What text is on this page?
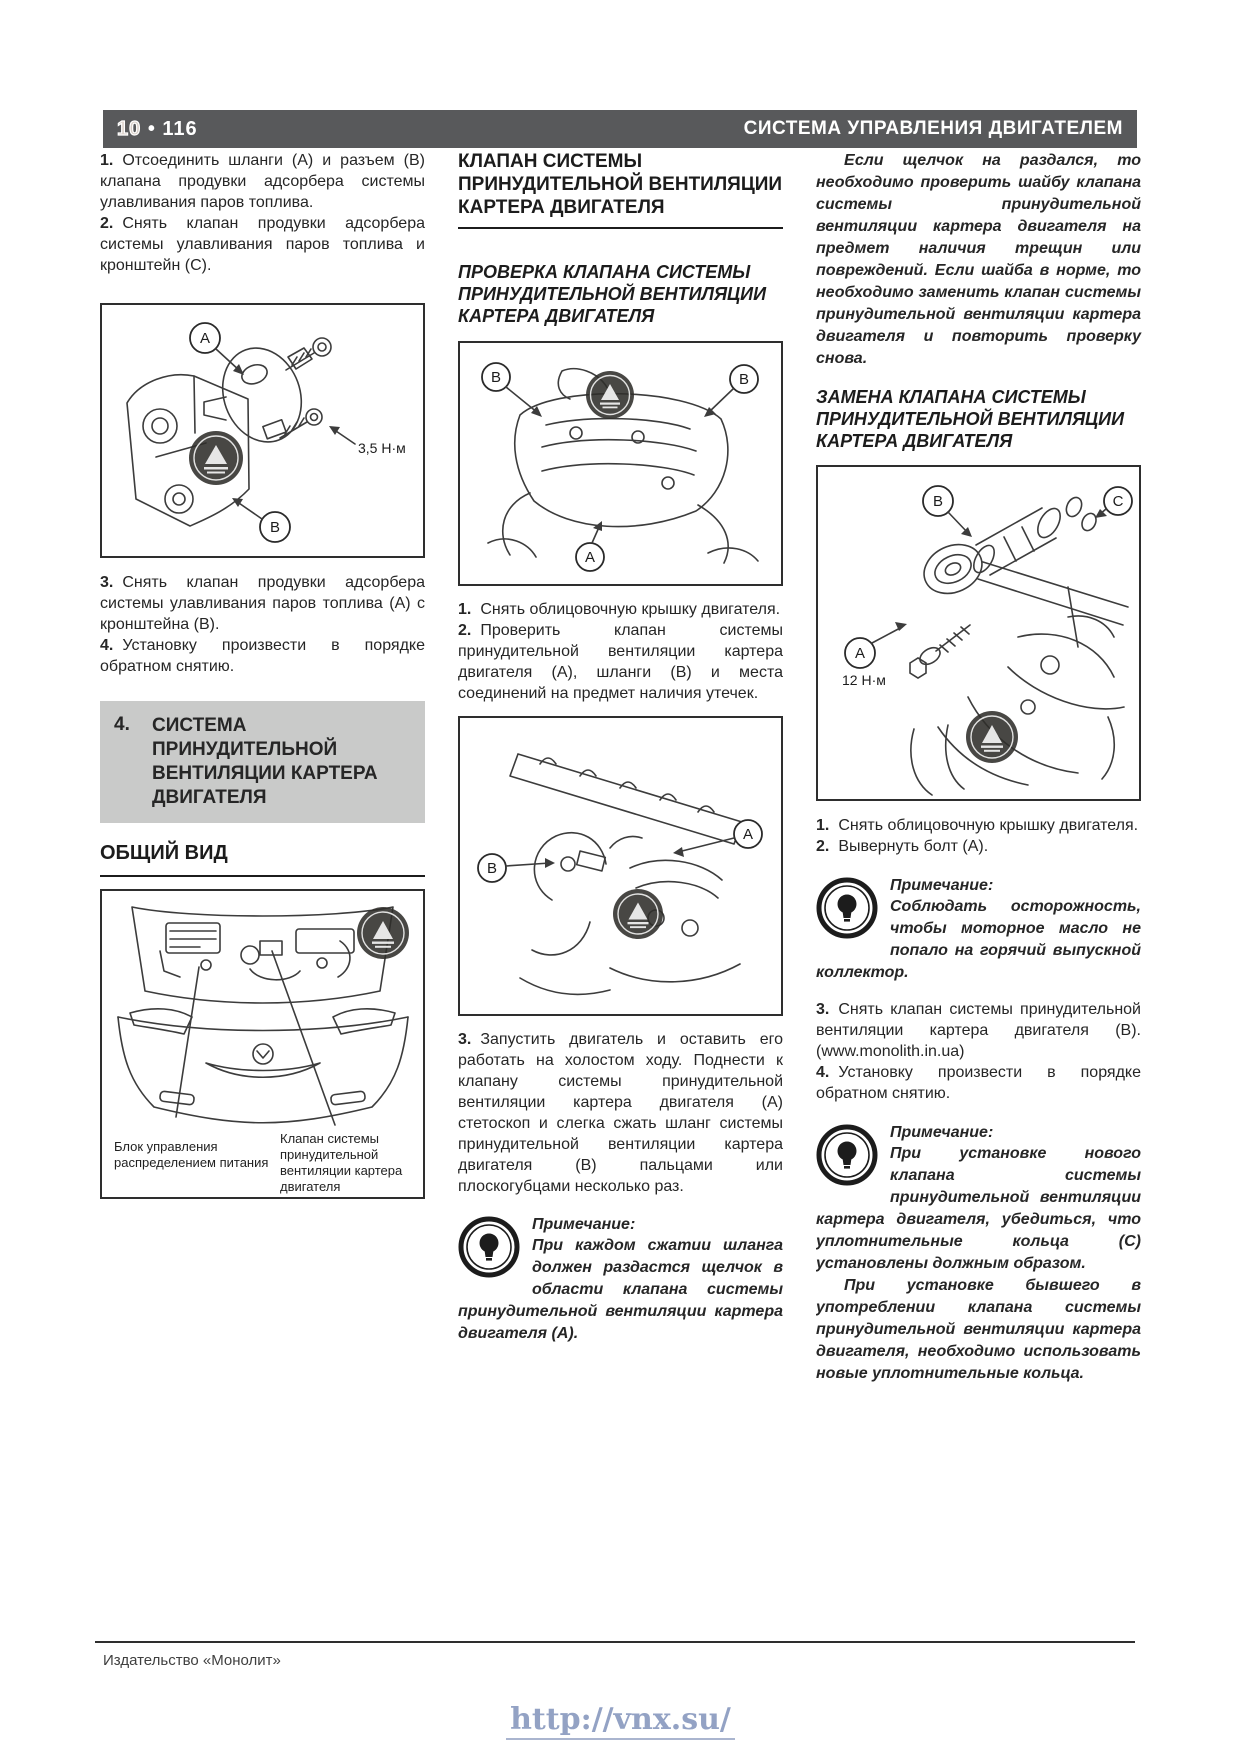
10 • 116	СИСТЕМА УПРАВЛЕНИЯ ДВИГАТЕЛЕМ

1. Отсоединить шланги (А) и разъем (В) клапана продувки адсорбера системы улавливания паров топлива.

2. Снять клапан продувки адсорбера системы улавливания паров топлива и кронштейн (С).

А
В
3,5 Н·м

3. Снять клапан продувки адсорбера системы улавливания паров топлива (А) с кронштейна (В).

4. Установку произвести в порядке обратном снятию.

4.	СИСТЕМА
ПРИНУДИТЕЛЬНОЙ
ВЕНТИЛЯЦИИ КАРТЕРА
ДВИГАТЕЛЯ
ОБЩИЙ ВИД
Блок управления распределением питания
Клапан системы принудительной вентиляции картера двигателя
КЛАПАН СИСТЕМЫ ПРИНУДИТЕЛЬНОЙ ВЕНТИЛЯЦИИ КАРТЕРА ДВИГАТЕЛЯ
ПРОВЕРКА КЛАПАНА СИСТЕМЫ ПРИНУДИТЕЛЬНОЙ ВЕНТИЛЯЦИИ КАРТЕРА ДВИГАТЕЛЯ
В	В
А

1. Снять облицовочную крышку двигателя.

2. Проверить клапан системы принудительной вентиляции картера двигателя (А), шланги (В) и места соединений на предмет наличия утечек.

В
А

3. Запустить двигатель и оставить его работать на холостом ходу. Поднести к клапану системы принудительной вентиляции картера двигателя (А) стетоскоп и слегка сжать шланг системы принудительной вентиляции картера двигателя (В) пальцами или плоскогубцами несколько раз.

Примечание:

При каждом сжатии шланга должен раздастся щелчок в области клапана системы принудительной вентиляции картера двигателя (А).

Если щелчок на раздался, то необходимо проверить шайбу клапана системы принудительной вентиляции картера двигателя на предмет наличия трещин или повреждений. Если шайба в норме, то необходимо заменить клапан системы принудительной вентиляции картера двигателя и повторить проверку снова.

ЗАМЕНА КЛАПАНА СИСТЕМЫ ПРИНУДИТЕЛЬНОЙ ВЕНТИЛЯЦИИ КАРТЕРА ДВИГАТЕЛЯ
В	С
А
12 Н·м

1. Снять облицовочную крышку двигателя.

2. Вывернуть болт (А).

Примечание:

Соблюдать осторожность, чтобы моторное масло не попало на горячий выпускной коллектор.

3. Снять клапан системы принудительной вентиляции картера двигателя (В). (www.monolith.in.ua)

4. Установку произвести в порядке обратном снятию.

Примечание:

При установке нового клапана системы принудительной вентиляции картера двигателя, убедиться, что уплотнительные кольца (С) установлены должным образом.

При установке бывшего в употреблении клапана системы принудительной вентиляции картера двигателя, необходимо использовать новые уплотнительные кольца.

Издательство «Монолит»
http://vnx.su/
